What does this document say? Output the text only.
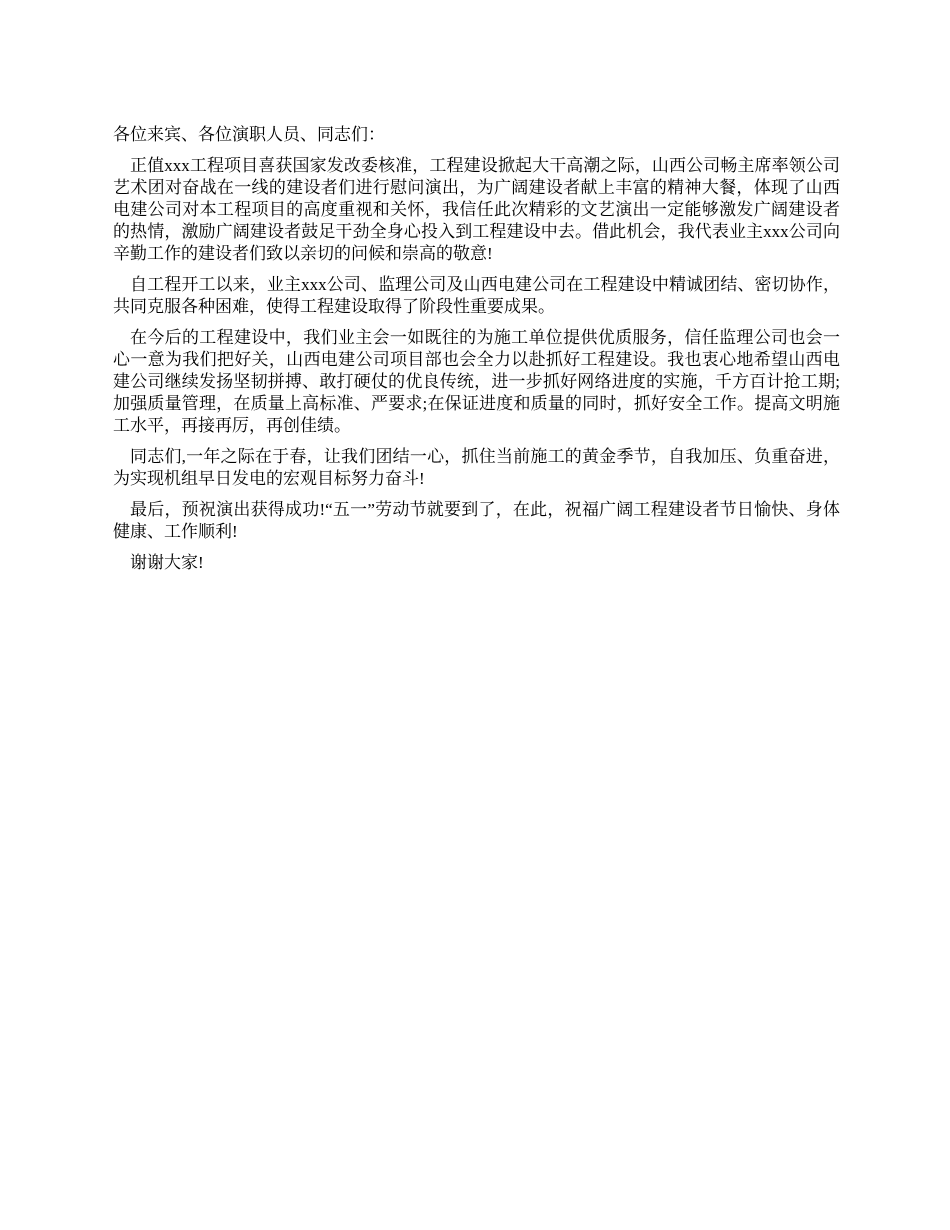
各位来宾、各位演职人员、同志们：

正值xxx工程项目喜获国家发改委核准，工程建设掀起大干高潮之际，山西公司畅主席率领公司艺术团对奋战在一线的建设者们进行慰问演出，为广阔建设者献上丰富的精神大餐，体现了山西电建公司对本工程项目的高度重视和关怀，我信任此次精彩的文艺演出一定能够激发广阔建设者的热情，激励广阔建设者鼓足干劲全身心投入到工程建设中去。借此机会，我代表业主xxx公司向辛勤工作的建设者们致以亲切的问候和崇高的敬意!

自工程开工以来，业主xxx公司、监理公司及山西电建公司在工程建设中精诚团结、密切协作，共同克服各种困难，使得工程建设取得了阶段性重要成果。

在今后的工程建设中，我们业主会一如既往的为施工单位提供优质服务，信任监理公司也会一心一意为我们把好关，山西电建公司项目部也会全力以赴抓好工程建设。我也衷心地希望山西电建公司继续发扬坚韧拼搏、敢打硬仗的优良传统，进一步抓好网络进度的实施，千方百计抢工期;加强质量管理，在质量上高标准、严要求;在保证进度和质量的同时，抓好安全工作。提高文明施工水平，再接再厉，再创佳绩。

同志们,一年之际在于春，让我们团结一心，抓住当前施工的黄金季节，自我加压、负重奋进，为实现机组早日发电的宏观目标努力奋斗!

最后，预祝演出获得成功!“五一”劳动节就要到了，在此，祝福广阔工程建设者节日愉快、身体健康、工作顺利!

谢谢大家!
